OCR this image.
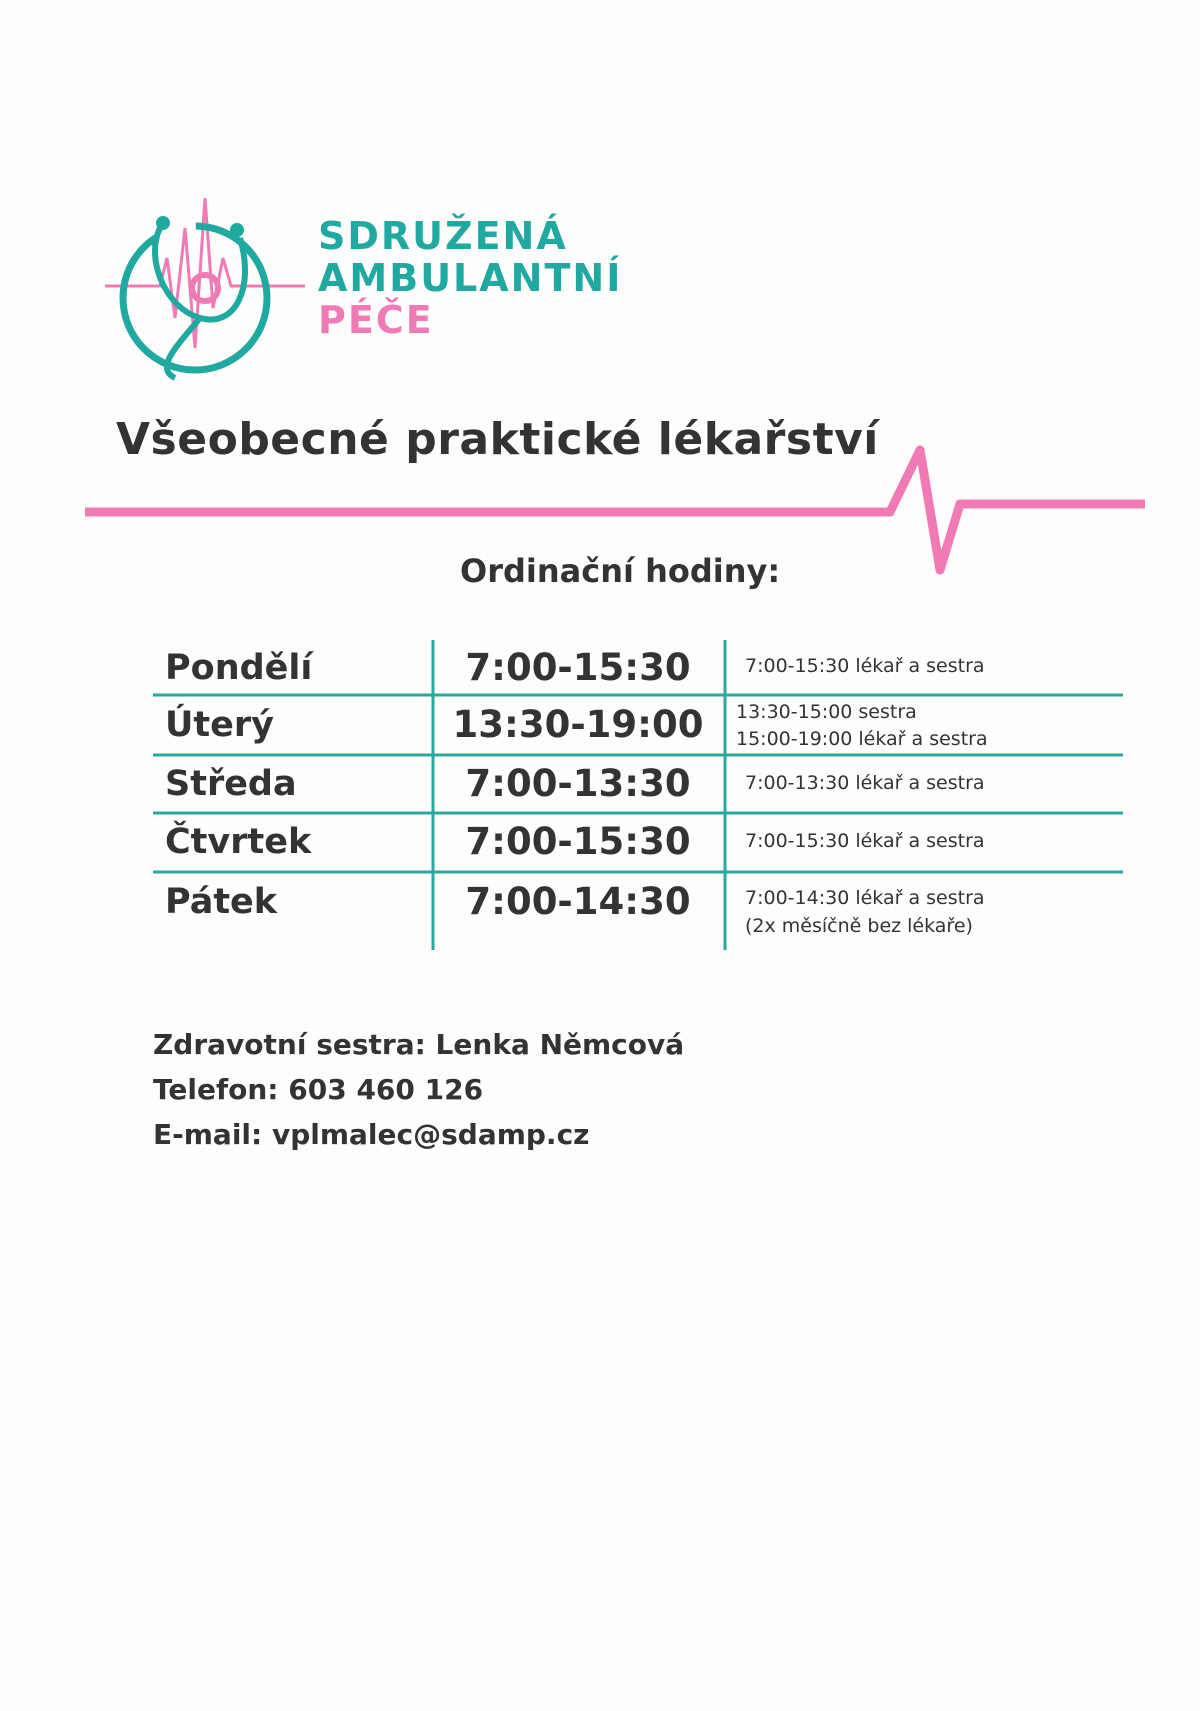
SDRUŽENÁ
AMBULANTNÍ
PÉČE
Všeobecné praktické lékařství
Ordinační hodiny:
Pondělí	7:00-15:30	7:00-15:30 lékař a sestra
Úterý	13:30-19:00	13:30-15:00 sestra
15:00-19:00 lékař a sestra
Středa	7:00-13:30	7:00-13:30 lékař a sestra
Čtvrtek	7:00-15:30	7:00-15:30 lékař a sestra
Pátek	7:00-14:30	7:00-14:30 lékař a sestra
(2x měsíčně bez lékaře)
Zdravotní sestra: Lenka Němcová
Telefon: 603 460 126
E-mail: vplmalec@sdamp.cz
